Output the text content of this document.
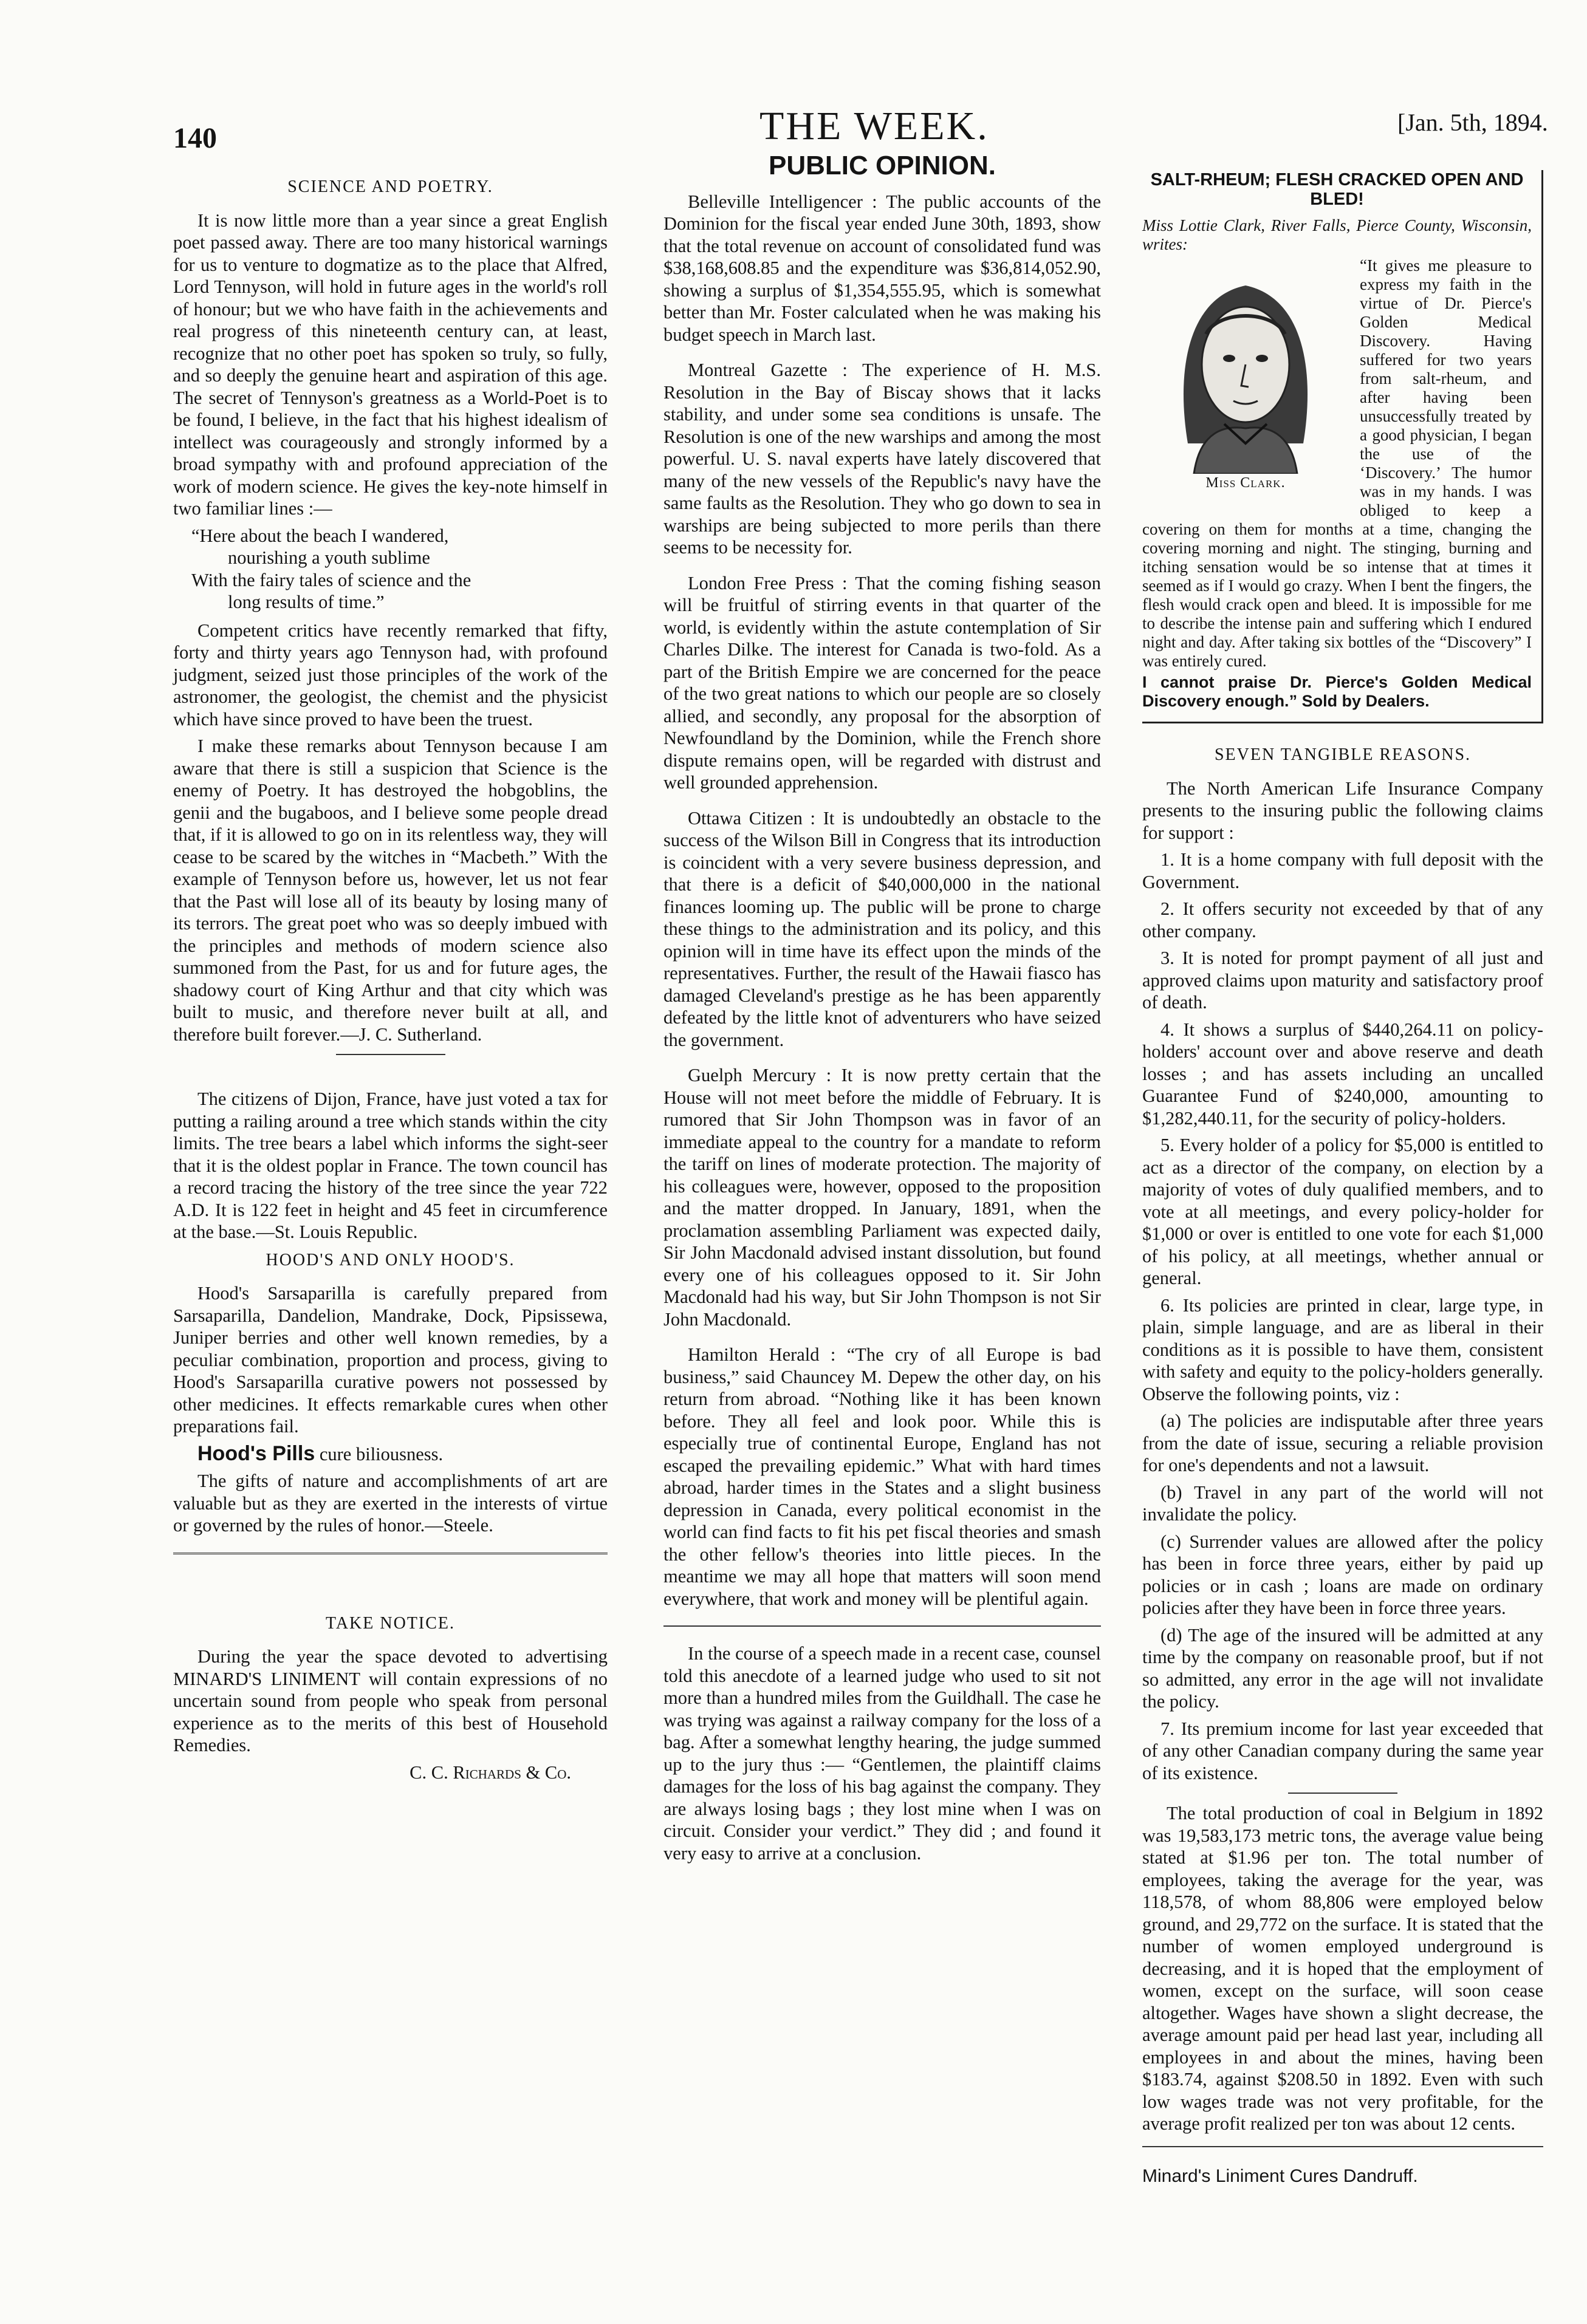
140	THE WEEK.	[Jan. 5th, 1894.
SCIENCE AND POETRY.

It is now little more than a year since a great English poet passed away. There are too many historical warnings for us to venture to dogmatize as to the place that Alfred, Lord Tennyson, will hold in future ages in the world's roll of honour; but we who have faith in the achievements and real progress of this nineteenth century can, at least, recognize that no other poet has spoken so truly, so fully, and so deeply the genuine heart and aspiration of this age. The secret of Tennyson's greatness as a World-Poet is to be found, I believe, in the fact that his highest idealism of intellect was courageously and strongly informed by a broad sympathy with and profound appreciation of the work of modern science. He gives the key-note himself in two familiar lines :—

“Here about the beach I wandered,
nourishing a youth sublime
With the fairy tales of science and the
long results of time.”

Competent critics have recently remarked that fifty, forty and thirty years ago Tennyson had, with profound judgment, seized just those principles of the work of the astronomer, the geologist, the chemist and the physicist which have since proved to have been the truest.

I make these remarks about Tennyson because I am aware that there is still a suspicion that Science is the enemy of Poetry. It has destroyed the hobgoblins, the genii and the bugaboos, and I believe some people dread that, if it is allowed to go on in its relentless way, they will cease to be scared by the witches in “Macbeth.” With the example of Tennyson before us, however, let us not fear that the Past will lose all of its beauty by losing many of its terrors. The great poet who was so deeply imbued with the principles and methods of modern science also summoned from the Past, for us and for future ages, the shadowy court of King Arthur and that city which was built to music, and therefore never built at all, and therefore built forever.—J. C. Sutherland.

The citizens of Dijon, France, have just voted a tax for putting a railing around a tree which stands within the city limits. The tree bears a label which informs the sight-seer that it is the oldest poplar in France. The town council has a record tracing the history of the tree since the year 722 A.D. It is 122 feet in height and 45 feet in circumference at the base.—St. Louis Republic.

HOOD'S AND ONLY HOOD'S.

Hood's Sarsaparilla is carefully prepared from Sarsaparilla, Dandelion, Mandrake, Dock, Pipsissewa, Juniper berries and other well known remedies, by a peculiar combination, proportion and process, giving to Hood's Sarsaparilla curative powers not possessed by other medicines. It effects remarkable cures when other preparations fail.

Hood's Pills cure biliousness.

The gifts of nature and accomplishments of art are valuable but as they are exerted in the interests of virtue or governed by the rules of honor.—Steele.

TAKE NOTICE.

During the year the space devoted to advertising MINARD'S LINIMENT will contain expressions of no uncertain sound from people who speak from personal experience as to the merits of this best of Household Remedies.

C. C. Richards & Co.

PUBLIC OPINION.

Belleville Intelligencer : The public accounts of the Dominion for the fiscal year ended June 30th, 1893, show that the total revenue on account of consolidated fund was $38,168,608.85 and the expenditure was $36,814,052.90, showing a surplus of $1,354,555.95, which is somewhat better than Mr. Foster calculated when he was making his budget speech in March last.

Montreal Gazette : The experience of H. M.S. Resolution in the Bay of Biscay shows that it lacks stability, and under some sea conditions is unsafe. The Resolution is one of the new warships and among the most powerful. U. S. naval experts have lately discovered that many of the new vessels of the Republic's navy have the same faults as the Resolution. They who go down to sea in warships are being subjected to more perils than there seems to be necessity for.

London Free Press : That the coming fishing season will be fruitful of stirring events in that quarter of the world, is evidently within the astute contemplation of Sir Charles Dilke. The interest for Canada is two-fold. As a part of the British Empire we are concerned for the peace of the two great nations to which our people are so closely allied, and secondly, any proposal for the absorption of Newfoundland by the Dominion, while the French shore dispute remains open, will be regarded with distrust and well grounded apprehension.

Ottawa Citizen : It is undoubtedly an obstacle to the success of the Wilson Bill in Congress that its introduction is coincident with a very severe business depression, and that there is a deficit of $40,000,000 in the national finances looming up. The public will be prone to charge these things to the administration and its policy, and this opinion will in time have its effect upon the minds of the representatives. Further, the result of the Hawaii fiasco has damaged Cleveland's prestige as he has been apparently defeated by the little knot of adventurers who have seized the government.

Guelph Mercury : It is now pretty certain that the House will not meet before the middle of February. It is rumored that Sir John Thompson was in favor of an immediate appeal to the country for a mandate to reform the tariff on lines of moderate protection. The majority of his colleagues were, however, opposed to the proposition and the matter dropped. In January, 1891, when the proclamation assembling Parliament was expected daily, Sir John Macdonald advised instant dissolution, but found every one of his colleagues opposed to it. Sir John Macdonald had his way, but Sir John Thompson is not Sir John Macdonald.

Hamilton Herald : “The cry of all Europe is bad business,” said Chauncey M. Depew the other day, on his return from abroad. “Nothing like it has been known before. They all feel and look poor. While this is especially true of continental Europe, England has not escaped the prevailing epidemic.” What with hard times abroad, harder times in the States and a slight business depression in Canada, every political economist in the world can find facts to fit his pet fiscal theories and smash the other fellow's theories into little pieces. In the meantime we may all hope that matters will soon mend everywhere, that work and money will be plentiful again.

In the course of a speech made in a recent case, counsel told this anecdote of a learned judge who used to sit not more than a hundred miles from the Guildhall. The case he was trying was against a railway company for the loss of a bag. After a somewhat lengthy hearing, the judge summed up to the jury thus :— “Gentlemen, the plaintiff claims damages for the loss of his bag against the company. They are always losing bags ; they lost mine when I was on circuit. Consider your verdict.” They did ; and found it very easy to arrive at a conclusion.

SALT-RHEUM; FLESH CRACKED OPEN AND BLED!

Miss Lottie Clark, River Falls, Pierce County, Wisconsin, writes:

Miss Clark.

“It gives me pleasure to express my faith in the virtue of Dr. Pierce's Golden Medical Discovery. Having suffered for two years from salt-rheum, and after having been unsuccessfully treated by a good physician, I began the use of the ‘Discovery.’ The humor was in my hands. I was obliged to keep a covering on them for months at a time, changing the covering morning and night. The stinging, burning and itching sensation would be so intense that at times it seemed as if I would go crazy. When I bent the fingers, the flesh would crack open and bleed. It is impossible for me to describe the intense pain and suffering which I endured night and day. After taking six bottles of the “Discovery” I was entirely cured.

I cannot praise Dr. Pierce's Golden Medical Discovery enough.” Sold by Dealers.

SEVEN TANGIBLE REASONS.

The North American Life Insurance Company presents to the insuring public the following claims for support :

1. It is a home company with full deposit with the Government.

2. It offers security not exceeded by that of any other company.

3. It is noted for prompt payment of all just and approved claims upon maturity and satisfactory proof of death.

4. It shows a surplus of $440,264.11 on policy-holders' account over and above reserve and death losses ; and has assets including an uncalled Guarantee Fund of $240,000, amounting to $1,282,440.11, for the security of policy-holders.

5. Every holder of a policy for $5,000 is entitled to act as a director of the company, on election by a majority of votes of duly qualified members, and to vote at all meetings, and every policy-holder for $1,000 or over is entitled to one vote for each $1,000 of his policy, at all meetings, whether annual or general.

6. Its policies are printed in clear, large type, in plain, simple language, and are as liberal in their conditions as it is possible to have them, consistent with safety and equity to the policy-holders generally. Observe the following points, viz :

(a) The policies are indisputable after three years from the date of issue, securing a reliable provision for one's dependents and not a lawsuit.

(b) Travel in any part of the world will not invalidate the policy.

(c) Surrender values are allowed after the policy has been in force three years, either by paid up policies or in cash ; loans are made on ordinary policies after they have been in force three years.

(d) The age of the insured will be admitted at any time by the company on reasonable proof, but if not so admitted, any error in the age will not invalidate the policy.

7. Its premium income for last year exceeded that of any other Canadian company during the same year of its existence.

The total production of coal in Belgium in 1892 was 19,583,173 metric tons, the average value being stated at $1.96 per ton. The total number of employees, taking the average for the year, was 118,578, of whom 88,806 were employed below ground, and 29,772 on the surface. It is stated that the number of women employed underground is decreasing, and it is hoped that the employment of women, except on the surface, will soon cease altogether. Wages have shown a slight decrease, the average amount paid per head last year, including all employees in and about the mines, having been $183.74, against $208.50 in 1892. Even with such low wages trade was not very profitable, for the average profit realized per ton was about 12 cents.

Minard's Liniment Cures Dandruff.
